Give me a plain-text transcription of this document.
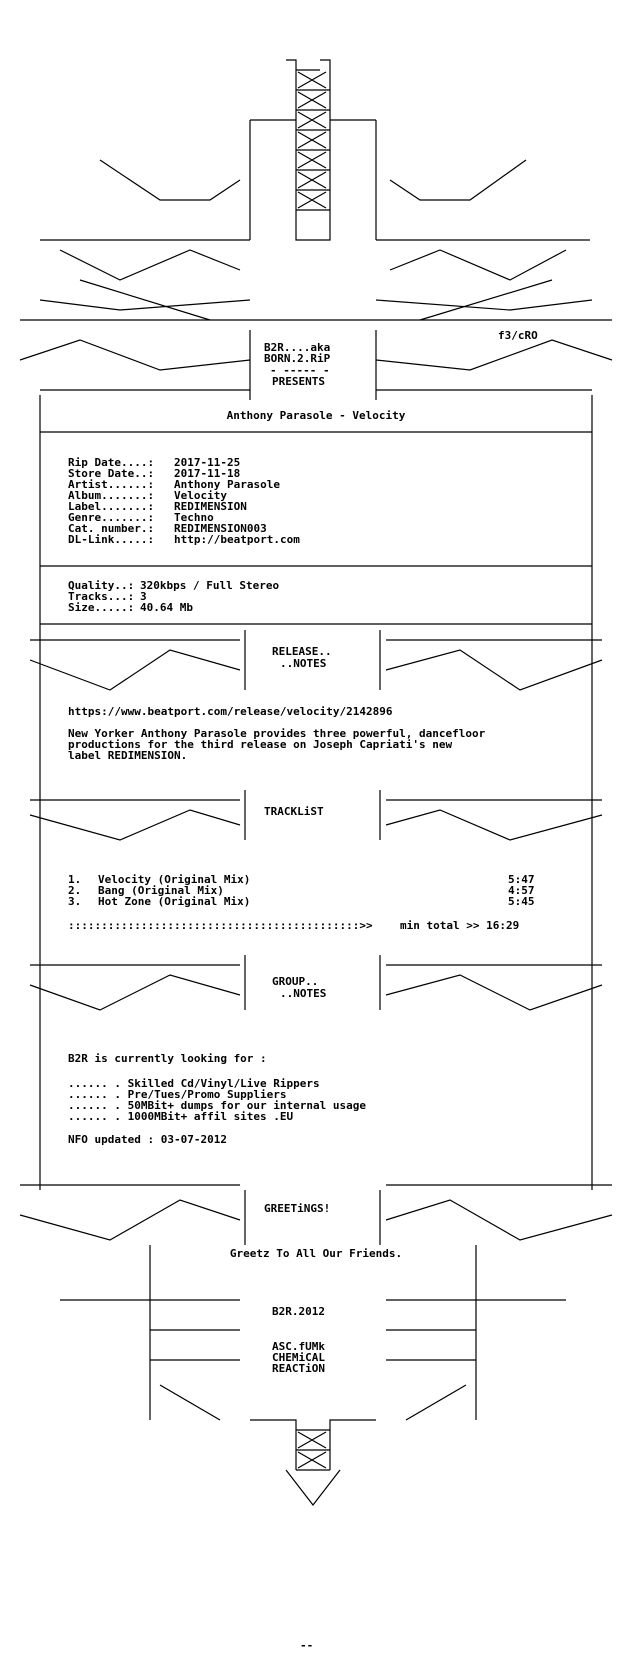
B2R....aka
BORN.2.RiP
- ----- -
PRESENTS
f3/cRO
Anthony Parasole - Velocity
Rip Date....: 2017-11-25
Store Date..: 2017-11-18
Artist......: Anthony Parasole
Album.......: Velocity
Label.......: REDIMENSION
Genre.......: Techno
Cat. number.: REDIMENSION003
DL-Link.....: http://beatport.com
Quality..: 320kbps / Full Stereo
Tracks...: 3
Size.....: 40.64 Mb
RELEASE..
..NOTES
https://www.beatport.com/release/velocity/2142896
New Yorker Anthony Parasole provides three powerful, dancefloor
productions for the third release on Joseph Capriati's new
label REDIMENSION.
TRACKLiST
1. Velocity (Original Mix)	5:47
2. Bang (Original Mix)	4:57
3. Hot Zone (Original Mix)	5:45
::::::::::::::::::::::::::::::::::::::::::::>> min total >> 16:29
GROUP..
..NOTES
B2R is currently looking for :
...... . Skilled Cd/Vinyl/Live Rippers
...... . Pre/Tues/Promo Suppliers
...... . 50MBit+ dumps for our internal usage
...... . 1000MBit+ affil sites .EU
NFO updated : 03-07-2012
GREETiNGS!
Greetz To All Our Friends.
B2R.2012
ASC.fUMk
CHEMiCAL
REACTiON
--
